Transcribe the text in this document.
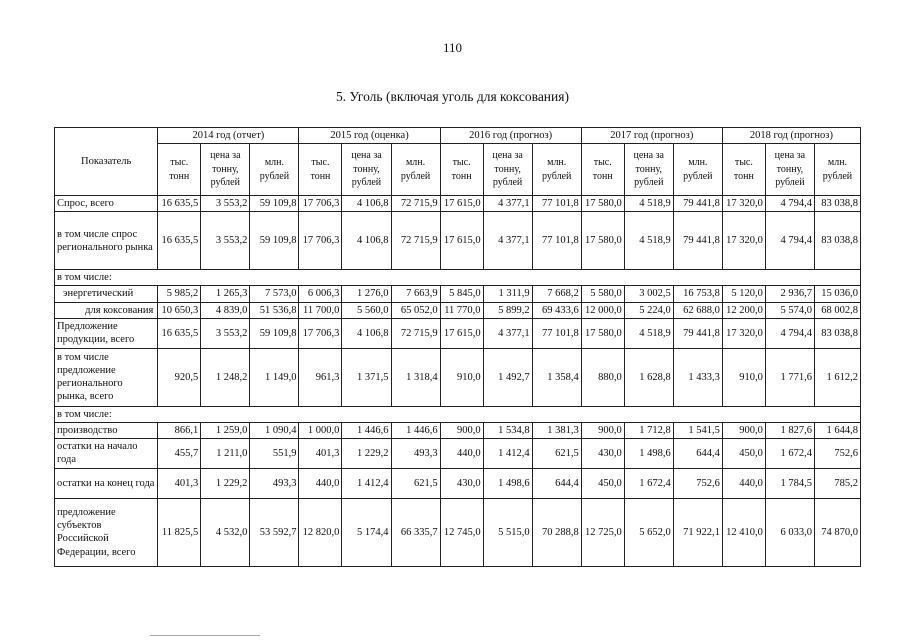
110
5. Уголь (включая уголь для коксования)
Показатель	2014 год (отчет)			2015 год (оценка)			2016 год (прогноз)			2017 год (прогноз)			2018 год (прогноз)		
	тыс. тонн	цена за тонну, рублей	млн. рублей	тыс. тонн	цена за тонну, рублей	млн. рублей	тыс. тонн	цена за тонну, рублей	млн. рублей	тыс. тонн	цена за тонну, рублей	млн. рублей	тыс. тонн	цена за тонну, рублей	млн. рублей
Спрос, всего	16 635,5	3 553,2	59 109,8	17 706,3	4 106,8	72 715,9	17 615,0	4 377,1	77 101,8	17 580,0	4 518,9	79 441,8	17 320,0	4 794,4	83 038,8
в том числе спрос регионального рынка	16 635,5	3 553,2	59 109,8	17 706,3	4 106,8	72 715,9	17 615,0	4 377,1	77 101,8	17 580,0	4 518,9	79 441,8	17 320,0	4 794,4	83 038,8
в том числе:															
энергетический	5 985,2	1 265,3	7 573,0	6 006,3	1 276,0	7 663,9	5 845,0	1 311,9	7 668,2	5 580,0	3 002,5	16 753,8	5 120,0	2 936,7	15 036,0
для коксования	10 650,3	4 839,0	51 536,8	11 700,0	5 560,0	65 052,0	11 770,0	5 899,2	69 433,6	12 000,0	5 224,0	62 688,0	12 200,0	5 574,0	68 002,8
Предложение продукции, всего	16 635,5	3 553,2	59 109,8	17 706,3	4 106,8	72 715,9	17 615,0	4 377,1	77 101,8	17 580,0	4 518,9	79 441,8	17 320,0	4 794,4	83 038,8
в том числе предложение регионального рынка, всего	920,5	1 248,2	1 149,0	961,3	1 371,5	1 318,4	910,0	1 492,7	1 358,4	880,0	1 628,8	1 433,3	910,0	1 771,6	1 612,2
в том числе:															
производство	866,1	1 259,0	1 090,4	1 000,0	1 446,6	1 446,6	900,0	1 534,8	1 381,3	900,0	1 712,8	1 541,5	900,0	1 827,6	1 644,8
остатки на начало года	455,7	1 211,0	551,9	401,3	1 229,2	493,3	440,0	1 412,4	621,5	430,0	1 498,6	644,4	450,0	1 672,4	752,6
остатки на конец года	401,3	1 229,2	493,3	440,0	1 412,4	621,5	430,0	1 498,6	644,4	450,0	1 672,4	752,6	440,0	1 784,5	785,2
предложение субъектов Российской Федерации, всего	11 825,5	4 532,0	53 592,7	12 820,0	5 174,4	66 335,7	12 745,0	5 515,0	70 288,8	12 725,0	5 652,0	71 922,1	12 410,0	6 033,0	74 870,0
